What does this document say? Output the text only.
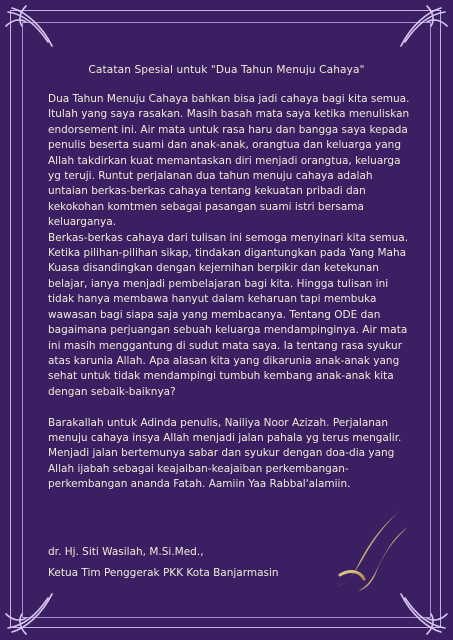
Catatan Spesial untuk "Dua Tahun Menuju Cahaya"

Dua Tahun Menuju Cahaya bahkan bisa jadi cahaya bagi kita semua. Itulah yang saya rasakan. Masih basah mata saya ketika menuliskan endorsement ini. Air mata untuk rasa haru dan bangga saya kepada penulis beserta suami dan anak-anak, orangtua dan keluarga yang Allah takdirkan kuat memantaskan diri menjadi orangtua, keluarga yg teruji. Runtut perjalanan dua tahun menuju cahaya adalah untaian berkas-berkas cahaya tentang kekuatan pribadi dan kekokohan komtmen sebagai pasangan suami istri bersama keluarganya.

Berkas-berkas cahaya dari tulisan ini semoga menyinari kita semua. Ketika pilihan-pilihan sikap, tindakan digantungkan pada Yang Maha Kuasa disandingkan dengan kejernihan berpikir dan ketekunan belajar, ianya menjadi pembelajaran bagi kita. Hingga tulisan ini tidak hanya membawa hanyut dalam keharuan tapi membuka wawasan bagi siapa saja yang membacanya. Tentang ODE dan bagaimana perjuangan sebuah keluarga mendampinginya. Air mata ini masih menggantung di sudut mata saya. Ia tentang rasa syukur atas karunia Allah. Apa alasan kita yang dikarunia anak-anak yang sehat untuk tidak mendampingi tumbuh kembang anak-anak kita dengan sebaik-baiknya?

Barakallah untuk Adinda penulis, Nailiya Noor Azizah. Perjalanan menuju cahaya insya Allah menjadi jalan pahala yg terus mengalir. Menjadi jalan bertemunya sabar dan syukur dengan doa-dia yang Allah ijabah sebagai keajaiban-keajaiban perkembangan-perkembangan ananda Fatah. Aamiin Yaa Rabbal'alamiin.

dr. Hj. Siti Wasilah, M.Si.Med.,
Ketua Tim Penggerak PKK Kota Banjarmasin
